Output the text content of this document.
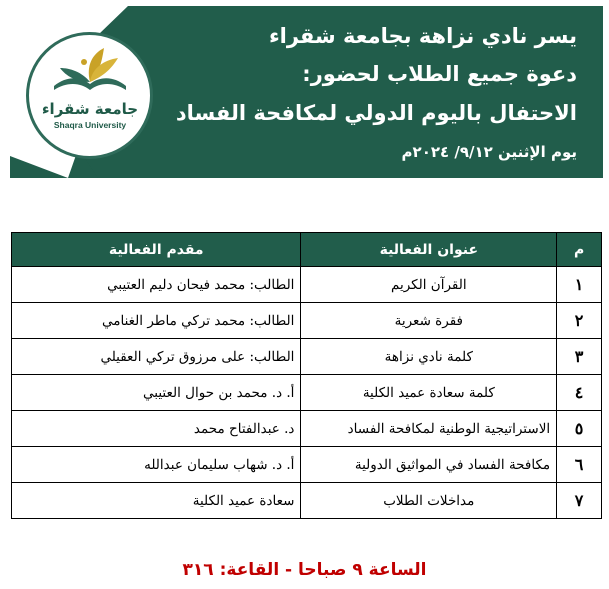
جامعة شقراء
Shaqra University
يسر نادي نزاهة بجامعة شقراء
دعوة جميع الطلاب لحضور:
الاحتفال باليوم الدولي لمكافحة الفساد
يوم الإثنين ٩/١٢/ ٢٠٢٤م
م	عنوان الفعالية	مقدم الفعالية
١	القرآن الكريم	الطالب: محمد فيحان دليم العتيبي
٢	فقرة شعرية	الطالب: محمد تركي ماطر الغنامي
٣	كلمة نادي نزاهة	الطالب: على مرزوق تركي العقيلي
٤	كلمة سعادة عميد الكلية	أ. د. محمد بن حوال العتيبي
٥	الاستراتيجية الوطنية لمكافحة الفساد	د. عبدالفتاح محمد
٦	مكافحة الفساد في المواثيق الدولية	أ. د. شهاب سليمان عبدالله
٧	مداخلات الطلاب	سعادة عميد الكلية
الساعة ٩ صباحا - القاعة: ٣١٦
